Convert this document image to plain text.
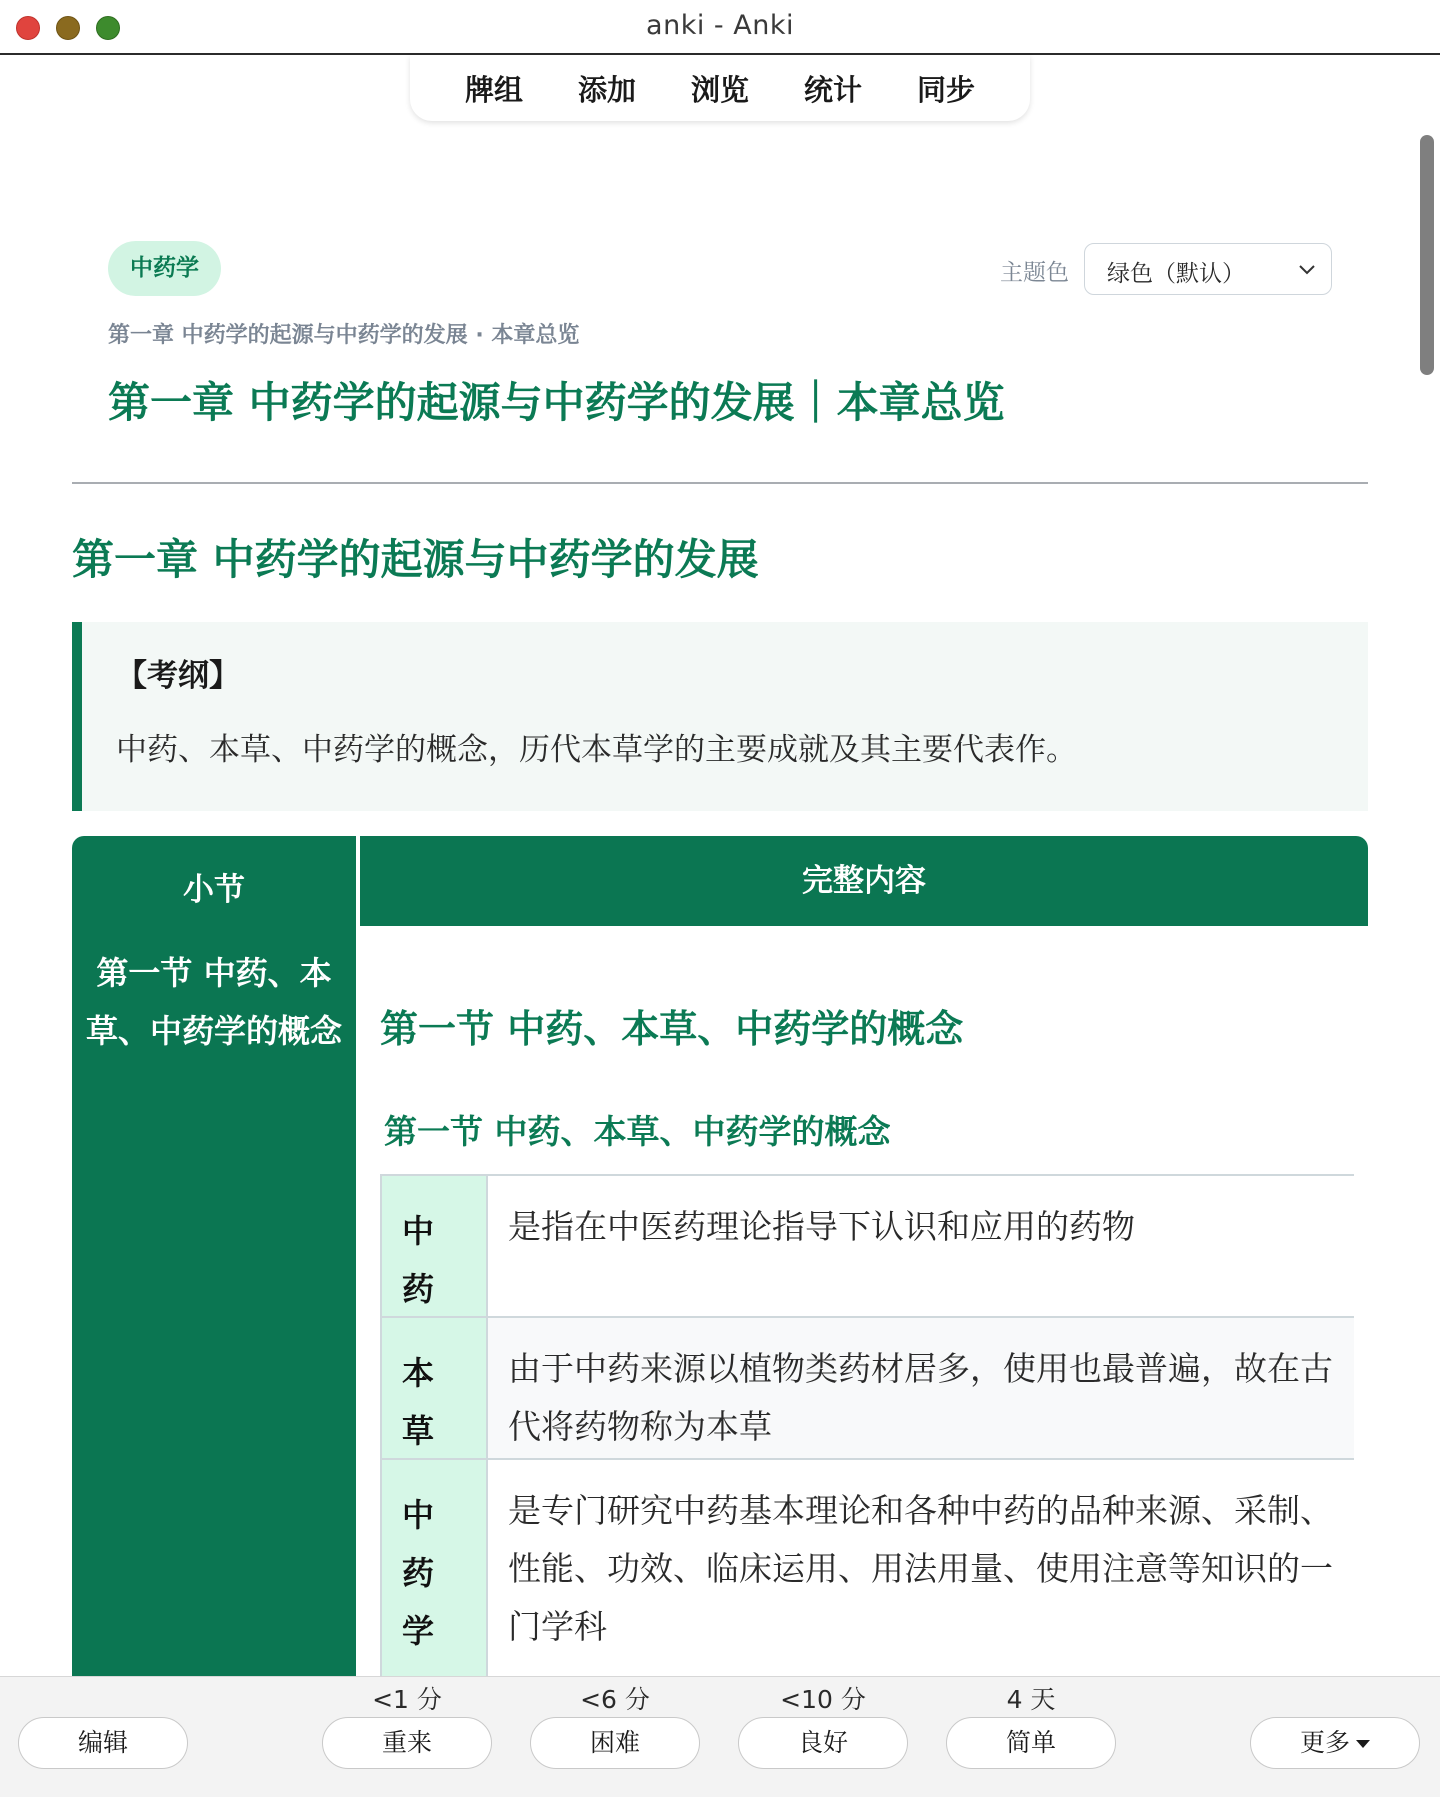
anki - Anki
牌组 添加 浏览 统计 同步
中药学	主题色 绿色（默认）
第一章 中药学的起源与中药学的发展 · 本章总览
第一章 中药学的起源与中药学的发展｜本章总览
第一章 中药学的起源与中药学的发展
【考纲】
中药、本草、中药学的概念，历代本草学的主要成就及其主要代表作。
小节
第一节 中药、本草、中药学的概念
完整内容
第一节 中药、本草、中药学的概念
第一节 中药、本草、中药学的概念
中药
是指在中医药理论指导下认识和应用的药物
本草
由于中药来源以植物类药材居多，使用也最普遍，故在古代将药物称为本草
中药学
是专门研究中药基本理论和各种中药的品种来源、采制、性能、功效、临床运用、用法用量、使用注意等知识的一门学科
编辑
<1 分
重来
<6 分
困难
<10 分
良好
4 天
简单	更多
